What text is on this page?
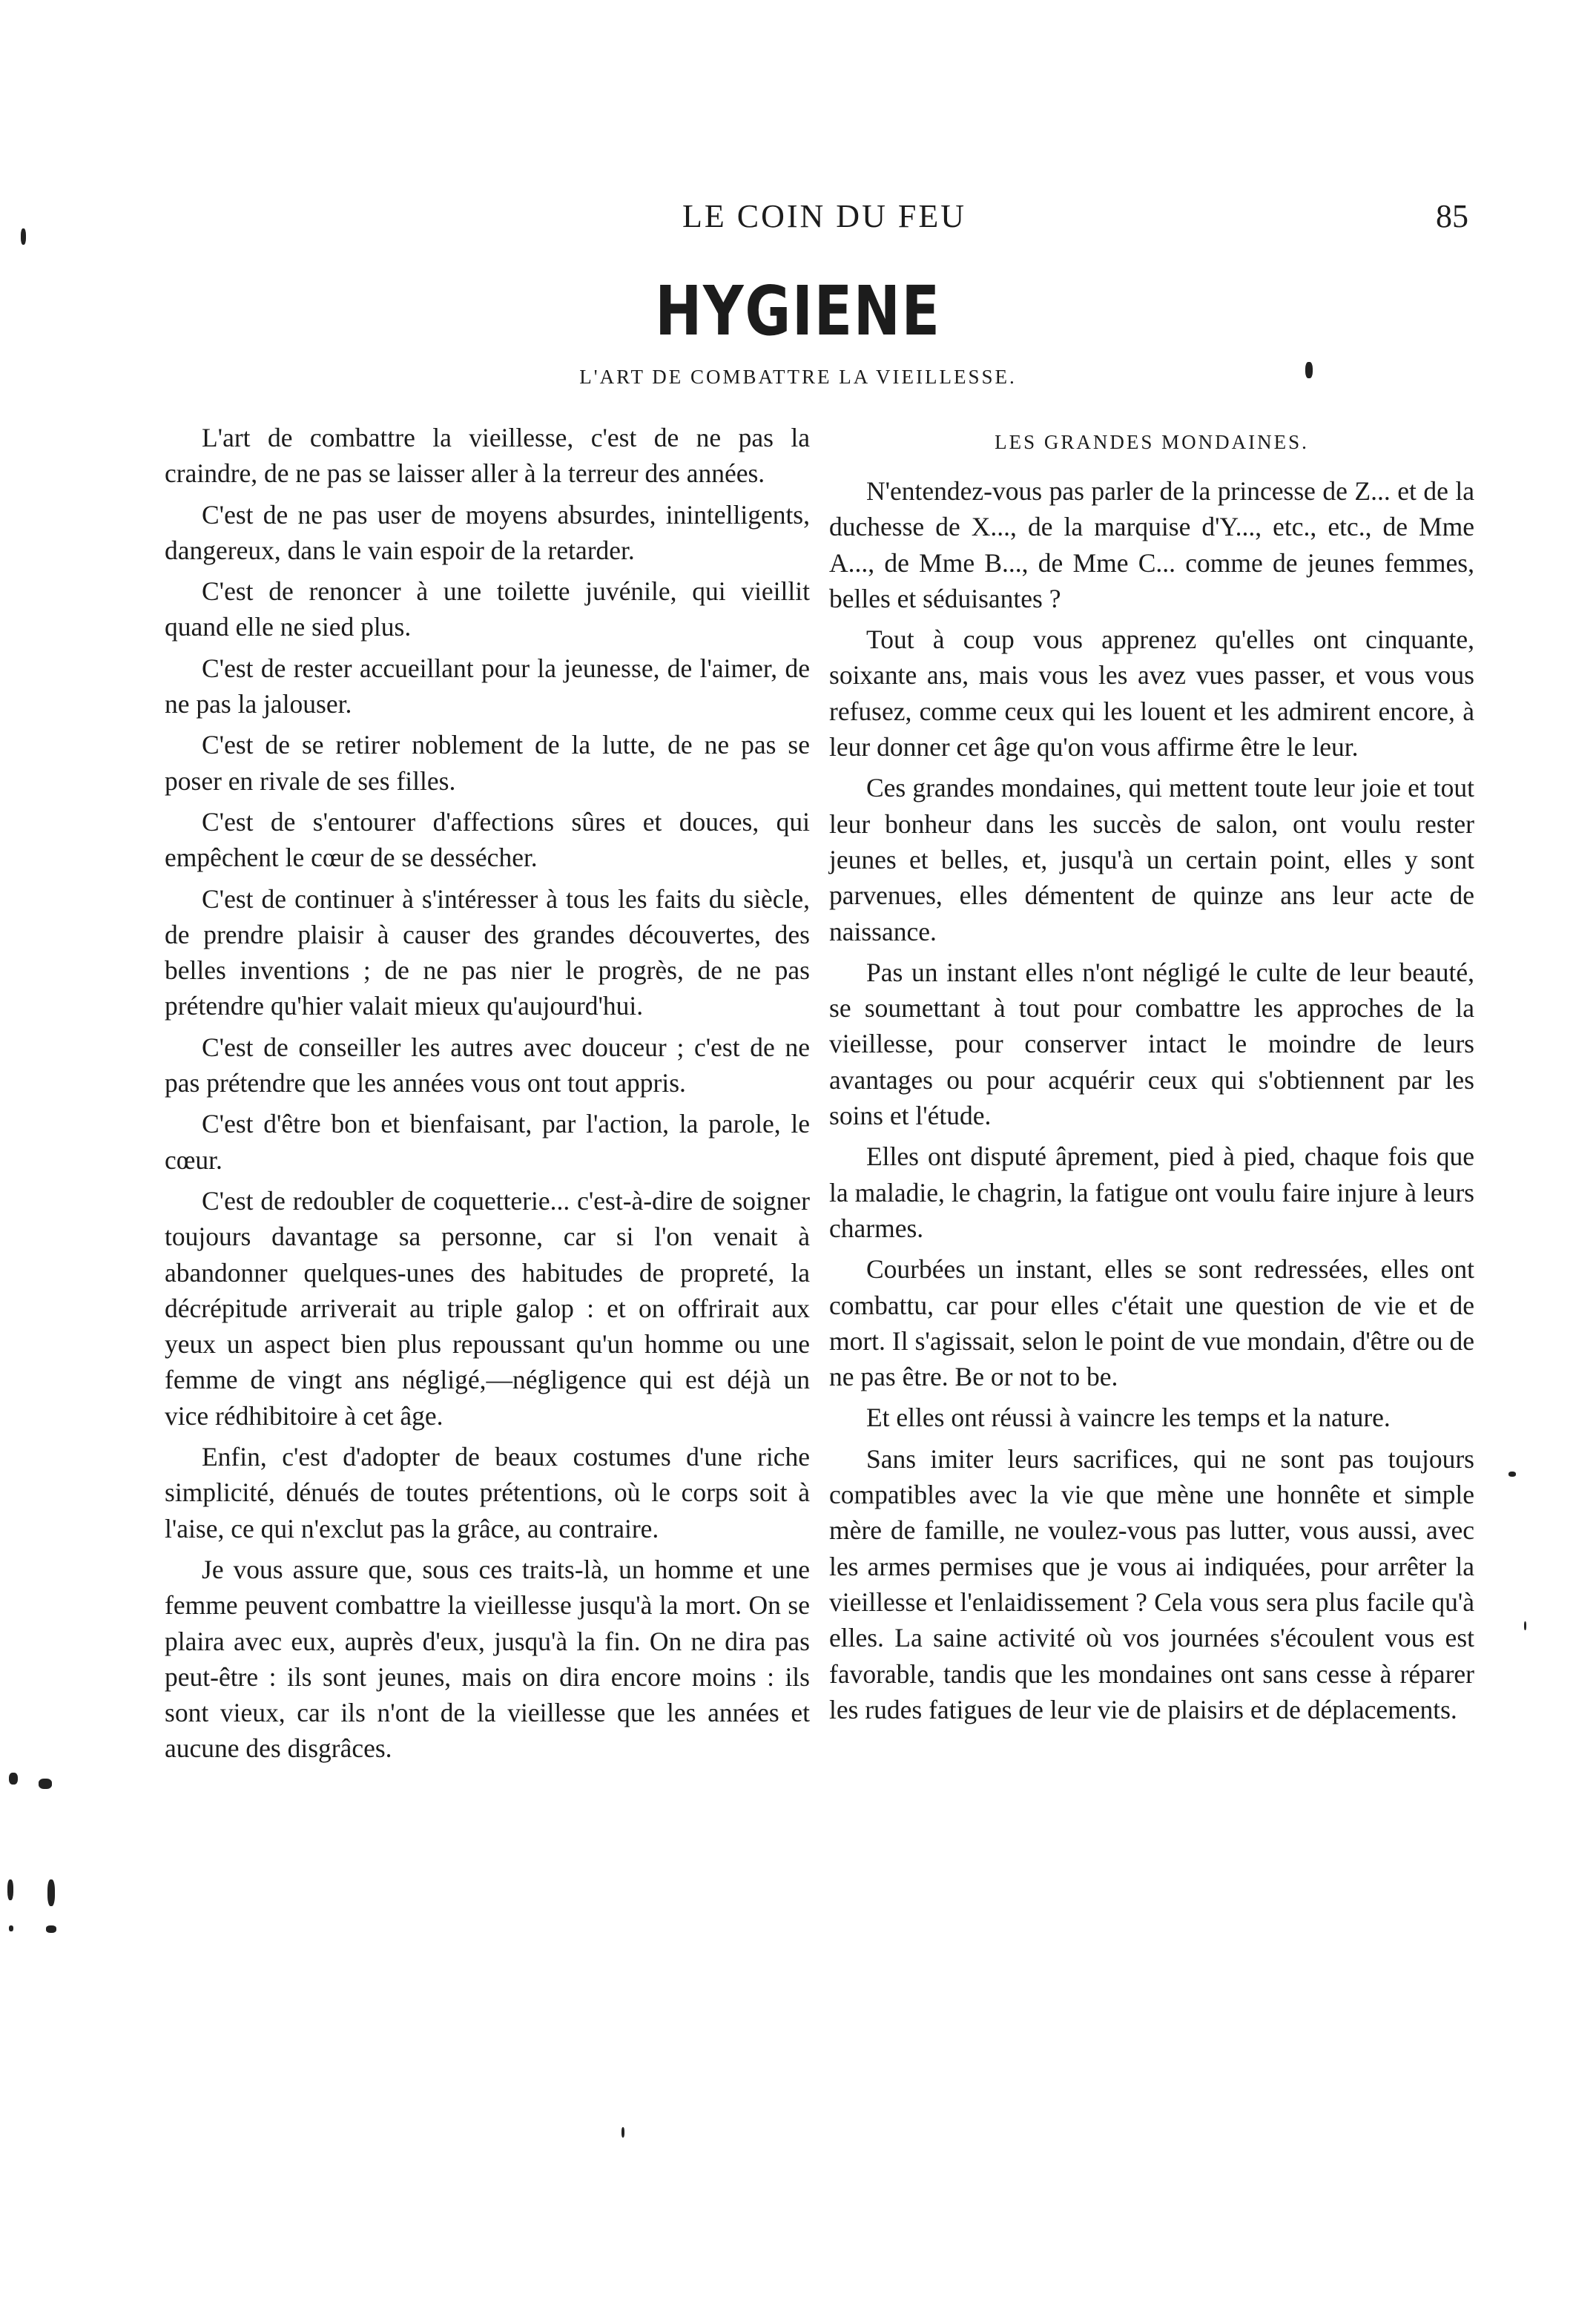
LE COIN DU FEU	85
HYGIENE
L'ART DE COMBATTRE LA VIEILLESSE.

L'art de combattre la vieillesse, c'est de ne pas la craindre, de ne pas se laisser aller à la terreur des années.

C'est de ne pas user de moyens absurdes, inintelligents, dangereux, dans le vain espoir de la retarder.

C'est de renoncer à une toilette juvénile, qui vieillit quand elle ne sied plus.

C'est de rester accueillant pour la jeunesse, de l'aimer, de ne pas la jalouser.

C'est de se retirer noblement de la lutte, de ne pas se poser en rivale de ses filles.

C'est de s'entourer d'affections sûres et douces, qui empêchent le cœur de se dessécher.

C'est de continuer à s'intéresser à tous les faits du siècle, de prendre plaisir à causer des grandes découvertes, des belles inventions ; de ne pas nier le progrès, de ne pas prétendre qu'hier valait mieux qu'aujourd'hui.

C'est de conseiller les autres avec douceur ; c'est de ne pas prétendre que les années vous ont tout appris.

C'est d'être bon et bienfaisant, par l'action, la parole, le cœur.

C'est de redoubler de coquetterie... c'est-à-dire de soigner toujours davantage sa personne, car si l'on venait à abandonner quelques-unes des habitudes de propreté, la décrépitude arriverait au triple galop : et on offrirait aux yeux un aspect bien plus repoussant qu'un homme ou une femme de vingt ans négligé,—négligence qui est déjà un vice rédhibitoire à cet âge.

Enfin, c'est d'adopter de beaux costumes d'une riche simplicité, dénués de toutes prétentions, où le corps soit à l'aise, ce qui n'exclut pas la grâce, au contraire.

Je vous assure que, sous ces traits-là, un homme et une femme peuvent combattre la vieillesse jusqu'à la mort. On se plaira avec eux, auprès d'eux, jusqu'à la fin. On ne dira pas peut-être : ils sont jeunes, mais on dira encore moins : ils sont vieux, car ils n'ont de la vieillesse que les années et aucune des disgrâces.

LES GRANDES MONDAINES.

N'entendez-vous pas parler de la princesse de Z... et de la duchesse de X..., de la marquise d'Y..., etc., etc., de Mme A..., de Mme B..., de Mme C... comme de jeunes femmes, belles et séduisantes ?

Tout à coup vous apprenez qu'elles ont cinquante, soixante ans, mais vous les avez vues passer, et vous vous refusez, comme ceux qui les louent et les admirent encore, à leur donner cet âge qu'on vous affirme être le leur.

Ces grandes mondaines, qui mettent toute leur joie et tout leur bonheur dans les succès de salon, ont voulu rester jeunes et belles, et, jusqu'à un certain point, elles y sont parvenues, elles démentent de quinze ans leur acte de naissance.

Pas un instant elles n'ont négligé le culte de leur beauté, se soumettant à tout pour combattre les approches de la vieillesse, pour conserver intact le moindre de leurs avantages ou pour acquérir ceux qui s'obtiennent par les soins et l'étude.

Elles ont disputé âprement, pied à pied, chaque fois que la maladie, le chagrin, la fatigue ont voulu faire injure à leurs charmes.

Courbées un instant, elles se sont redressées, elles ont combattu, car pour elles c'était une question de vie et de mort. Il s'agissait, selon le point de vue mondain, d'être ou de ne pas être. Be or not to be.

Et elles ont réussi à vaincre les temps et la nature.

Sans imiter leurs sacrifices, qui ne sont pas toujours compatibles avec la vie que mène une honnête et simple mère de famille, ne voulez-vous pas lutter, vous aussi, avec les armes permises que je vous ai indiquées, pour arrêter la vieillesse et l'enlaidissement ? Cela vous sera plus facile qu'à elles. La saine activité où vos journées s'écoulent vous est favorable, tandis que les mondaines ont sans cesse à réparer les rudes fatigues de leur vie de plaisirs et de déplacements.
